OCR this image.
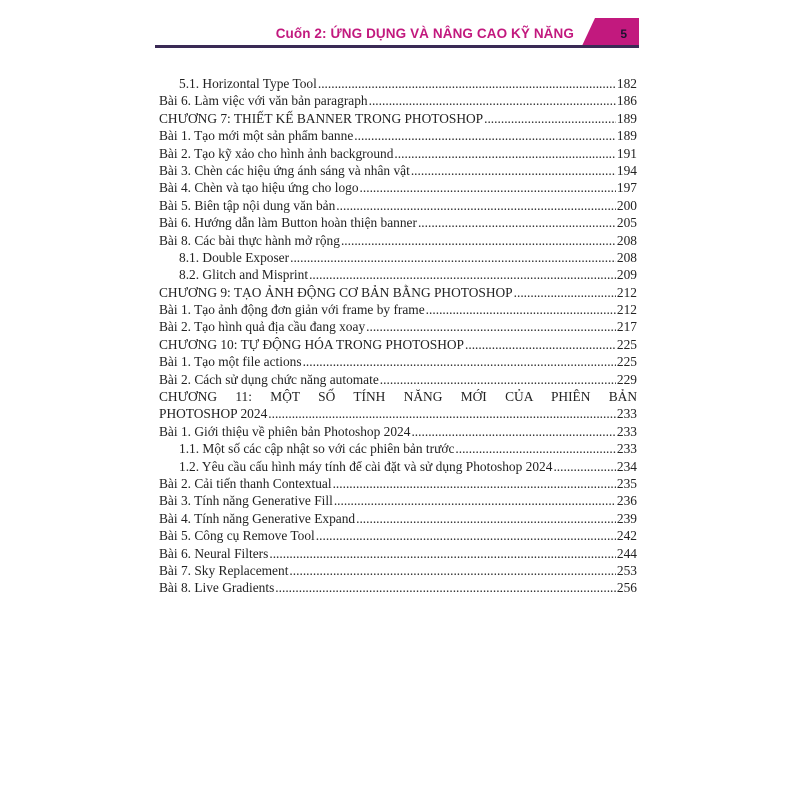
Cuốn 2: ỨNG DỤNG VÀ NÂNG CAO KỸ NĂNG	5
5.1. Horizontal Type Tool .....	182
Bài 6. Làm việc với văn bản paragraph .....	186
CHƯƠNG 7: THIẾT KẾ BANNER TRONG PHOTOSHOP .....	189
Bài 1. Tạo mới một sản phẩm banne .....	189
Bài 2. Tạo kỹ xảo cho hình ảnh background .....	191
Bài 3. Chèn các hiệu ứng ánh sáng và nhân vật .....	194
Bài 4. Chèn và tạo hiệu ứng cho logo .....	197
Bài 5. Biên tập nội dung văn bản .....	200
Bài 6. Hướng dẫn làm Button hoàn thiện banner .....	205
Bài 8. Các bài thực hành mở rộng .....	208
8.1. Double Exposer .....	208
8.2. Glitch and Misprint .....	209
CHƯƠNG 9: TẠO ẢNH ĐỘNG CƠ BẢN BẰNG PHOTOSHOP .....	212
Bài 1. Tạo ảnh động đơn giản với frame by frame .....	212
Bài 2. Tạo hình quả địa cầu đang xoay .....	217
CHƯƠNG 10: TỰ ĐỘNG HÓA TRONG PHOTOSHOP .....	225
Bài 1. Tạo một file actions .....	225
Bài 2. Cách sử dụng chức năng automate .....	229
CHƯƠNG 11: MỘT SỐ TÍNH NĂNG MỚI CỦA PHIÊN BẢN
PHOTOSHOP 2024 .....	233
Bài 1. Giới thiệu về phiên bản Photoshop 2024 .....	233
1.1. Một số các cập nhật so với các phiên bản trước .....	233
1.2. Yêu cầu cấu hình máy tính để cài đặt và sử dụng Photoshop 2024 .....	234
Bài 2. Cải tiến thanh Contextual .....	235
Bài 3. Tính năng Generative Fill .....	236
Bài 4. Tính năng Generative Expand .....	239
Bài 5. Công cụ Remove Tool .....	242
Bài 6. Neural Filters .....	244
Bài 7. Sky Replacement .....	253
Bài 8. Live Gradients .....	256
